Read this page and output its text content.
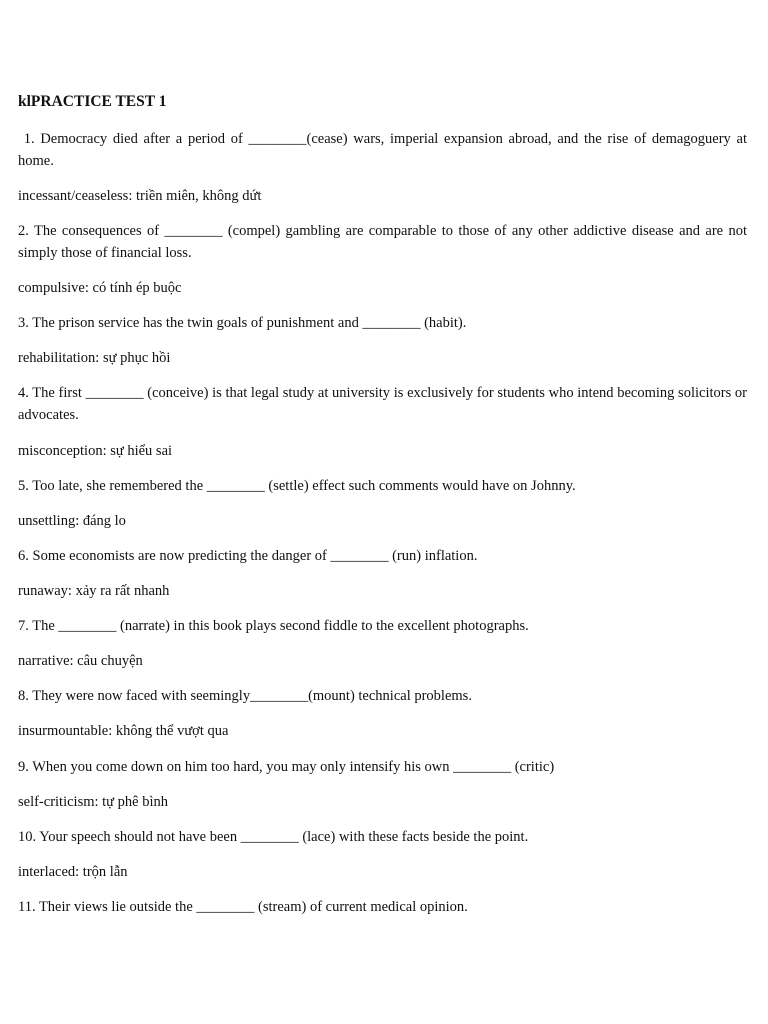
klPRACTICE TEST 1
1. Democracy died after a period of ________(cease) wars, imperial expansion abroad, and the rise of demagoguery at home.
incessant/ceaseless: triền miên, không dứt
2. The consequences of ________ (compel) gambling are comparable to those of any other addictive disease and are not simply those of financial loss.
compulsive: có tính ép buộc
3. The prison service has the twin goals of punishment and ________ (habit).
rehabilitation: sự phục hồi
4. The first ________ (conceive) is that legal study at university is exclusively for students who intend becoming solicitors or advocates.
misconception: sự hiểu sai
5. Too late, she remembered the ________ (settle) effect such comments would have on Johnny.
unsettling: đáng lo
6. Some economists are now predicting the danger of ________ (run) inflation.
runaway: xảy ra rất nhanh
7. The ________ (narrate) in this book plays second fiddle to the excellent photographs.
narrative: câu chuyện
8. They were now faced with seemingly________(mount) technical problems.
insurmountable: không thể vượt qua
9. When you come down on him too hard, you may only intensify his own ________ (critic)
self-criticism: tự phê bình
10. Your speech should not have been ________ (lace) with these facts beside the point.
interlaced: trộn lẫn
11. Their views lie outside the ________ (stream) of current medical opinion.
